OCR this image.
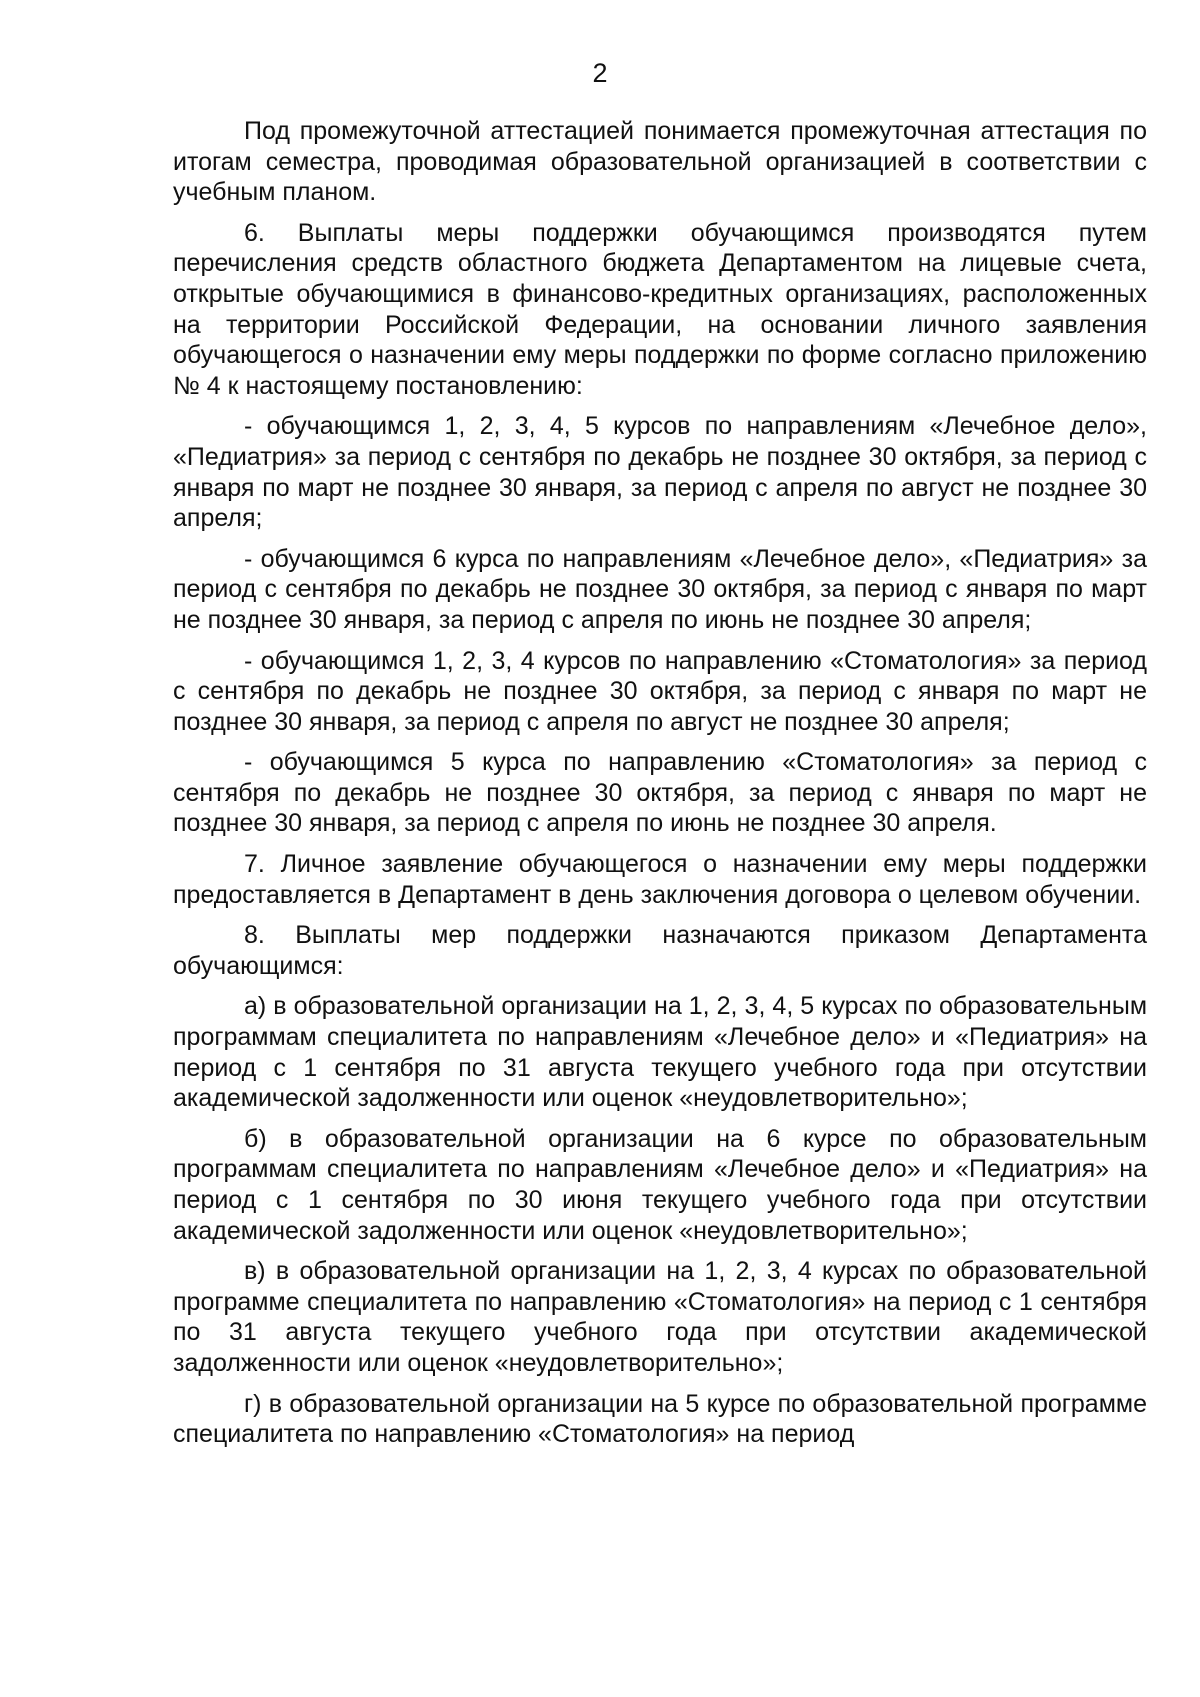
2

Под промежуточной аттестацией понимается промежуточная аттестация по итогам семестра, проводимая образовательной организацией в соответствии с учебным планом.

6. Выплаты меры поддержки обучающимся производятся путем перечисления средств областного бюджета Департаментом на лицевые счета, открытые обучающимися в финансово-кредитных организациях, расположенных на территории Российской Федерации, на основании личного заявления обучающегося о назначении ему меры поддержки по форме согласно приложению № 4 к настоящему постановлению:

- обучающимся 1, 2, 3, 4, 5 курсов по направлениям «Лечебное дело», «Педиатрия» за период с сентября по декабрь не позднее 30 октября, за период с января по март не позднее 30 января, за период с апреля по август не позднее 30 апреля;

- обучающимся 6 курса по направлениям «Лечебное дело», «Педиатрия» за период с сентября по декабрь не позднее 30 октября, за период с января по март не позднее 30 января, за период с апреля по июнь не позднее 30 апреля;

- обучающимся 1, 2, 3, 4 курсов по направлению «Стоматология» за период с сентября по декабрь не позднее 30 октября, за период с января по март не позднее 30 января, за период с апреля по август не позднее 30 апреля;

- обучающимся 5 курса по направлению «Стоматология» за период с сентября по декабрь не позднее 30 октября, за период с января по март не позднее 30 января, за период с апреля по июнь не позднее 30 апреля.

7. Личное заявление обучающегося о назначении ему меры поддержки предоставляется в Департамент в день заключения договора о целевом обучении.

8. Выплаты мер поддержки назначаются приказом Департамента обучающимся:

а) в образовательной организации на 1, 2, 3, 4, 5 курсах по образовательным программам специалитета по направлениям «Лечебное дело» и «Педиатрия» на период с 1 сентября по 31 августа текущего учебного года при отсутствии академической задолженности или оценок «неудовлетворительно»;

б) в образовательной организации на 6 курсе по образовательным программам специалитета по направлениям «Лечебное дело» и «Педиатрия» на период с 1 сентября по 30 июня текущего учебного года при отсутствии академической задолженности или оценок «неудовлетворительно»;

в) в образовательной организации на 1, 2, 3, 4 курсах по образовательной программе специалитета по направлению «Стоматология» на период с 1 сентября по 31 августа текущего учебного года при отсутствии академической задолженности или оценок «неудовлетворительно»;

г) в образовательной организации на 5 курсе по образовательной программе специалитета по направлению «Стоматология» на период
